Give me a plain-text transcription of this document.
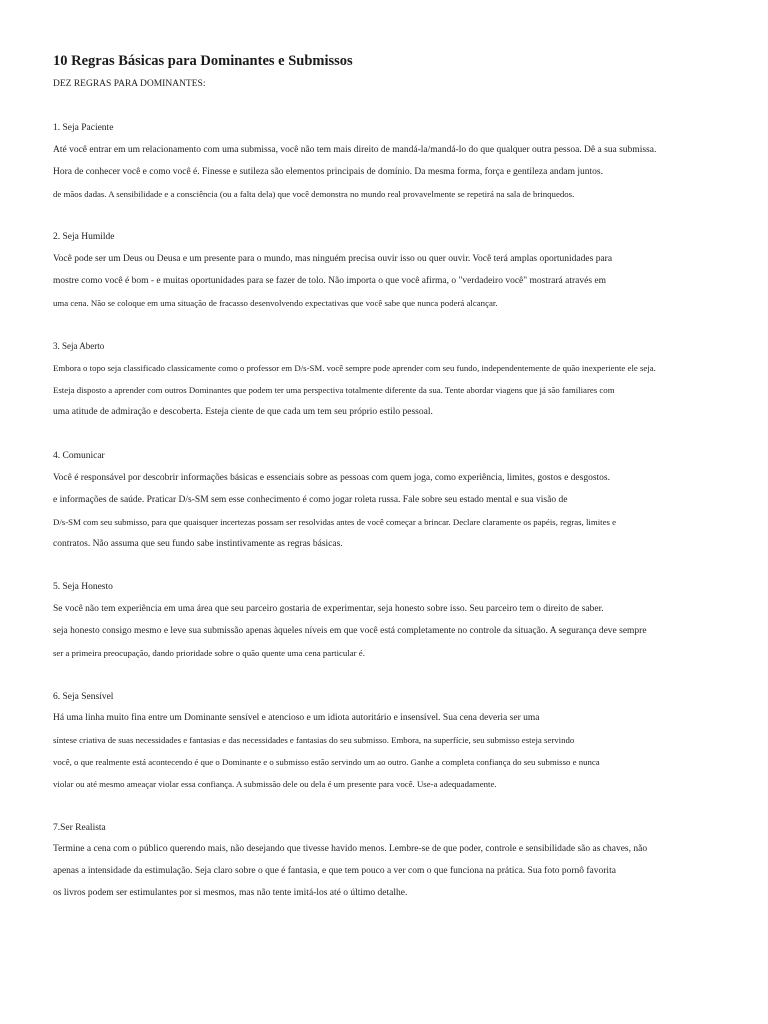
10 Regras Básicas para Dominantes e Submissos

DEZ REGRAS PARA DOMINANTES:

1. Seja Paciente

Até você entrar em um relacionamento com uma submissa, você não tem mais direito de mandá-la/mandá-lo do que qualquer outra pessoa. Dê a sua submissa.

Hora de conhecer você e como você é. Finesse e sutileza são elementos principais de domínio. Da mesma forma, força e gentileza andam juntos.

de mãos dadas. A sensibilidade e a consciência (ou a falta dela) que você demonstra no mundo real provavelmente se repetirá na sala de brinquedos.

2. Seja Humilde

Você pode ser um Deus ou Deusa e um presente para o mundo, mas ninguém precisa ouvir isso ou quer ouvir. Você terá amplas oportunidades para

mostre como você é bom - e muitas oportunidades para se fazer de tolo. Não importa o que você afirma, o "verdadeiro você" mostrará através em

uma cena. Não se coloque em uma situação de fracasso desenvolvendo expectativas que você sabe que nunca poderá alcançar.

3. Seja Aberto

Embora o topo seja classificado classicamente como o professor em D/s-SM. você sempre pode aprender com seu fundo, independentemente de quão inexperiente ele seja.

Esteja disposto a aprender com outros Dominantes que podem ter uma perspectiva totalmente diferente da sua. Tente abordar viagens que já são familiares com

uma atitude de admiração e descoberta. Esteja ciente de que cada um tem seu próprio estilo pessoal.

4. Comunicar

Você é responsável por descobrir informações básicas e essenciais sobre as pessoas com quem joga, como experiência, limites, gostos e desgostos.

e informações de saúde. Praticar D/s-SM sem esse conhecimento é como jogar roleta russa. Fale sobre seu estado mental e sua visão de

D/s-SM com seu submisso, para que quaisquer incertezas possam ser resolvidas antes de você começar a brincar. Declare claramente os papéis, regras, limites e

contratos. Não assuma que seu fundo sabe instintivamente as regras básicas.

5. Seja Honesto

Se você não tem experiência em uma área que seu parceiro gostaria de experimentar, seja honesto sobre isso. Seu parceiro tem o direito de saber.

seja honesto consigo mesmo e leve sua submissão apenas àqueles níveis em que você está completamente no controle da situação. A segurança deve sempre

ser a primeira preocupação, dando prioridade sobre o quão quente uma cena particular é.

6. Seja Sensível

Há uma linha muito fina entre um Dominante sensível e atencioso e um idiota autoritário e insensível. Sua cena deveria ser uma

síntese criativa de suas necessidades e fantasias e das necessidades e fantasias do seu submisso. Embora, na superfície, seu submisso esteja servindo

você, o que realmente está acontecendo é que o Dominante e o submisso estão servindo um ao outro. Ganhe a completa confiança do seu submisso e nunca

violar ou até mesmo ameaçar violar essa confiança. A submissão dele ou dela é um presente para você. Use-a adequadamente.

7.Ser Realista

Termine a cena com o público querendo mais, não desejando que tivesse havido menos. Lembre-se de que poder, controle e sensibilidade são as chaves, não

apenas a intensidade da estimulação. Seja claro sobre o que é fantasia, e que tem pouco a ver com o que funciona na prática. Sua foto pornô favorita

os livros podem ser estimulantes por si mesmos, mas não tente imitá-los até o último detalhe.
